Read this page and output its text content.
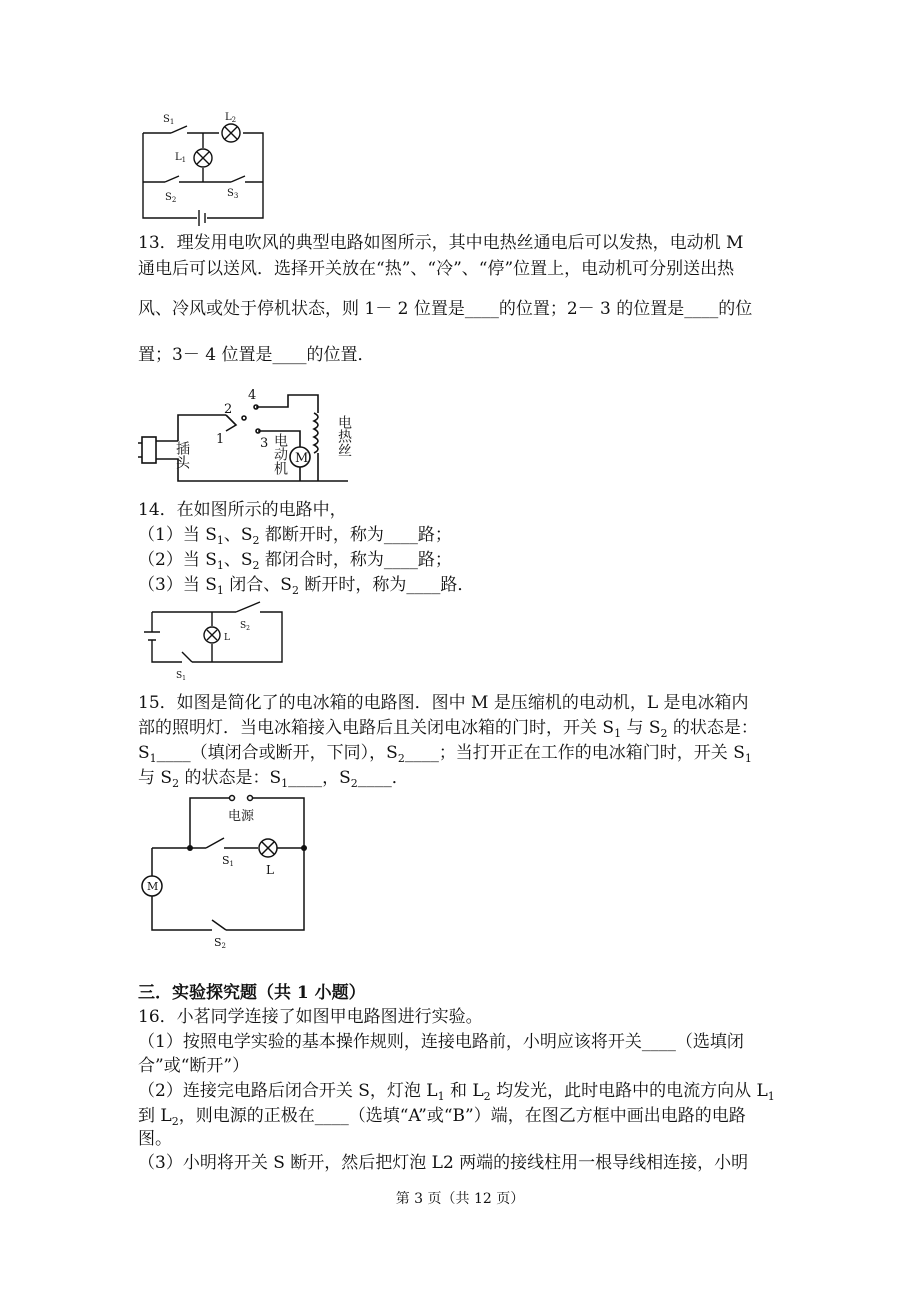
$S_1$	$L_2$
$L_1$
$S_2$
$S_3$
13．理发用电吹风的典型电路如图所示，其中电热丝通电后可以发热，电动机 M
通电后可以送风．选择开关放在“热”、“冷”、“停”位置上，电动机可分别送出热
风、冷风或处于停机状态，则 1－ 2 位置是____的位置；2－ 3 的位置是____的位
置；3－ 4 位置是____的位置．
1
2
3
4
插头	电动机 M
电热丝
14．在如图所示的电路中，
（1）当 $S_1$、$S_2$ 都断开时，称为____路；
（2）当 $S_1$、$S_2$ 都闭合时，称为____路；
（3）当 $S_1$ 闭合、$S_2$ 断开时，称为____路．
$S_2$
L
$S_1$
15．如图是简化了的电冰箱的电路图．图中 M 是压缩机的电动机，L 是电冰箱内
部的照明灯．当电冰箱接入电路后且关闭电冰箱的门时，开关 $S_1$ 与 $S_2$ 的状态是：
$S_1\_\_\_\_$（填闭合或断开，下同），$S_2\_\_\_\_$；当打开正在工作的电冰箱门时，开关 $S_1$
与 $S_2$ 的状态是：$S_1\_\_\_\_$，$S_2\_\_\_\_$．
电源
S1	L
M
S2
三．实验探究题（共 1 小题）
16．小茗同学连接了如图甲电路图进行实验。
（1）按照电学实验的基本操作规则，连接电路前，小明应该将开关____（选填闭
合”或“断开”）
（2）连接完电路后闭合开关 S，灯泡 $L_1$ 和 $L_2$ 均发光，此时电路中的电流方向从 $L_1$
到 $L_2$，则电源的正极在____（选填“A”或“B”）端，在图乙方框中画出电路的电路
图。
（3）小明将开关 S 断开，然后把灯泡 L2 两端的接线柱用一根导线相连接，小明
第 3 页（共 12 页）
